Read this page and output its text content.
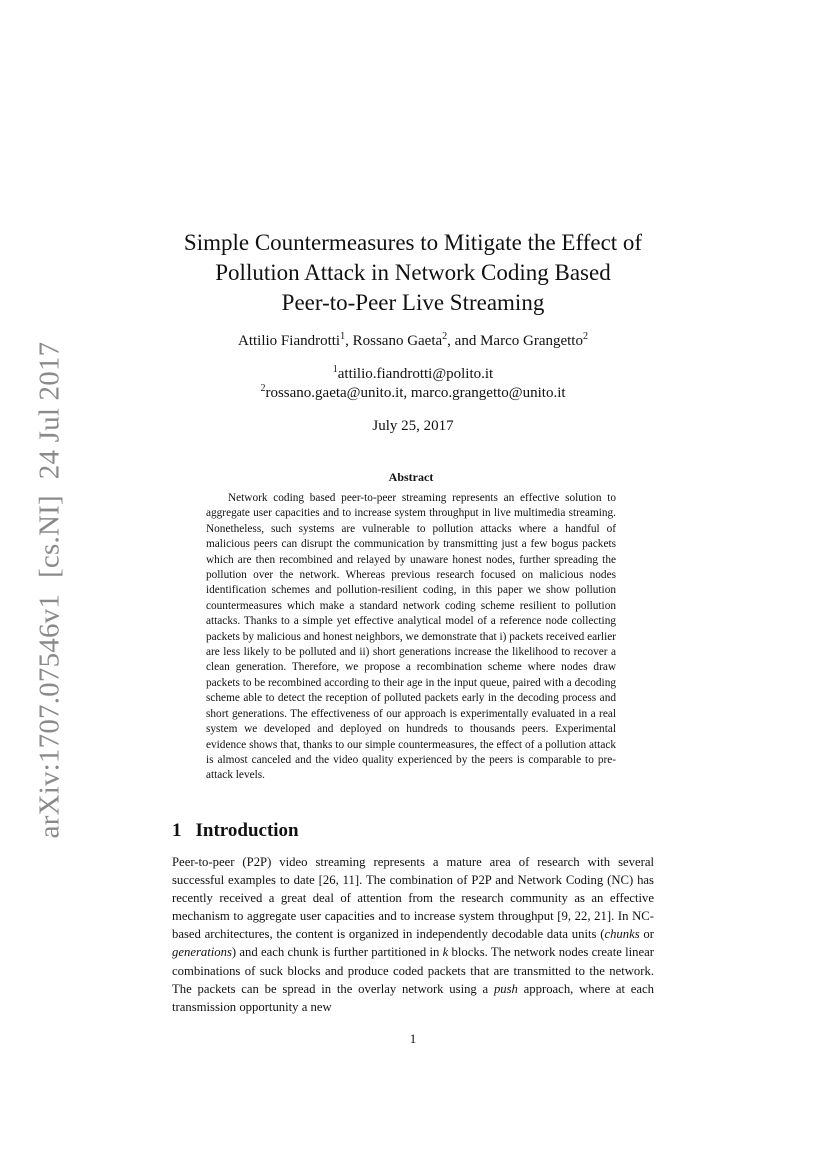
arXiv:1707.07546v1[cs.NI]24 Jul 2017
Simple Countermeasures to Mitigate the Effect of
Pollution Attack in Network Coding Based
Peer-to-Peer Live Streaming
Attilio Fiandrotti$^1$, Rossano Gaeta$^2$, and Marco Grangetto$^2$
$^1$attilio.fiandrotti@polito.it
$^2$rossano.gaeta@unito.it, marco.grangetto@unito.it
July 25, 2017
Abstract

Network coding based peer-to-peer streaming represents an effective solution to aggregate user capacities and to increase system throughput in live multimedia streaming. Nonetheless, such systems are vulnerable to pollution attacks where a handful of malicious peers can disrupt the communication by transmitting just a few bogus packets which are then recombined and relayed by unaware honest nodes, further spreading the pollution over the network. Whereas previous research focused on malicious nodes identification schemes and pollution-resilient coding, in this paper we show pollution countermeasures which make a standard network coding scheme resilient to pollution attacks. Thanks to a simple yet effective analytical model of a reference node collecting packets by malicious and honest neighbors, we demonstrate that i) packets received earlier are less likely to be polluted and ii) short generations increase the likelihood to recover a clean generation. Therefore, we propose a recombination scheme where nodes draw packets to be recombined according to their age in the input queue, paired with a decoding scheme able to detect the reception of polluted packets early in the decoding process and short generations. The effectiveness of our approach is experimentally evaluated in a real system we developed and deployed on hundreds to thousands peers. Experimental evidence shows that, thanks to our simple countermeasures, the effect of a pollution attack is almost canceled and the video quality experienced by the peers is comparable to pre-attack levels.

1 Introduction

Peer-to-peer (P2P) video streaming represents a mature area of research with several successful examples to date [26, 11]. The combination of P2P and Network Coding (NC) has recently received a great deal of attention from the research community as an effective mechanism to aggregate user capacities and to increase system throughput [9, 22, 21]. In NC-based architectures, the content is organized in independently decodable data units (chunks or generations) and each chunk is further partitioned in k blocks. The network nodes create linear combinations of suck blocks and produce coded packets that are transmitted to the network. The packets can be spread in the overlay network using a push approach, where at each transmission opportunity a new

1
